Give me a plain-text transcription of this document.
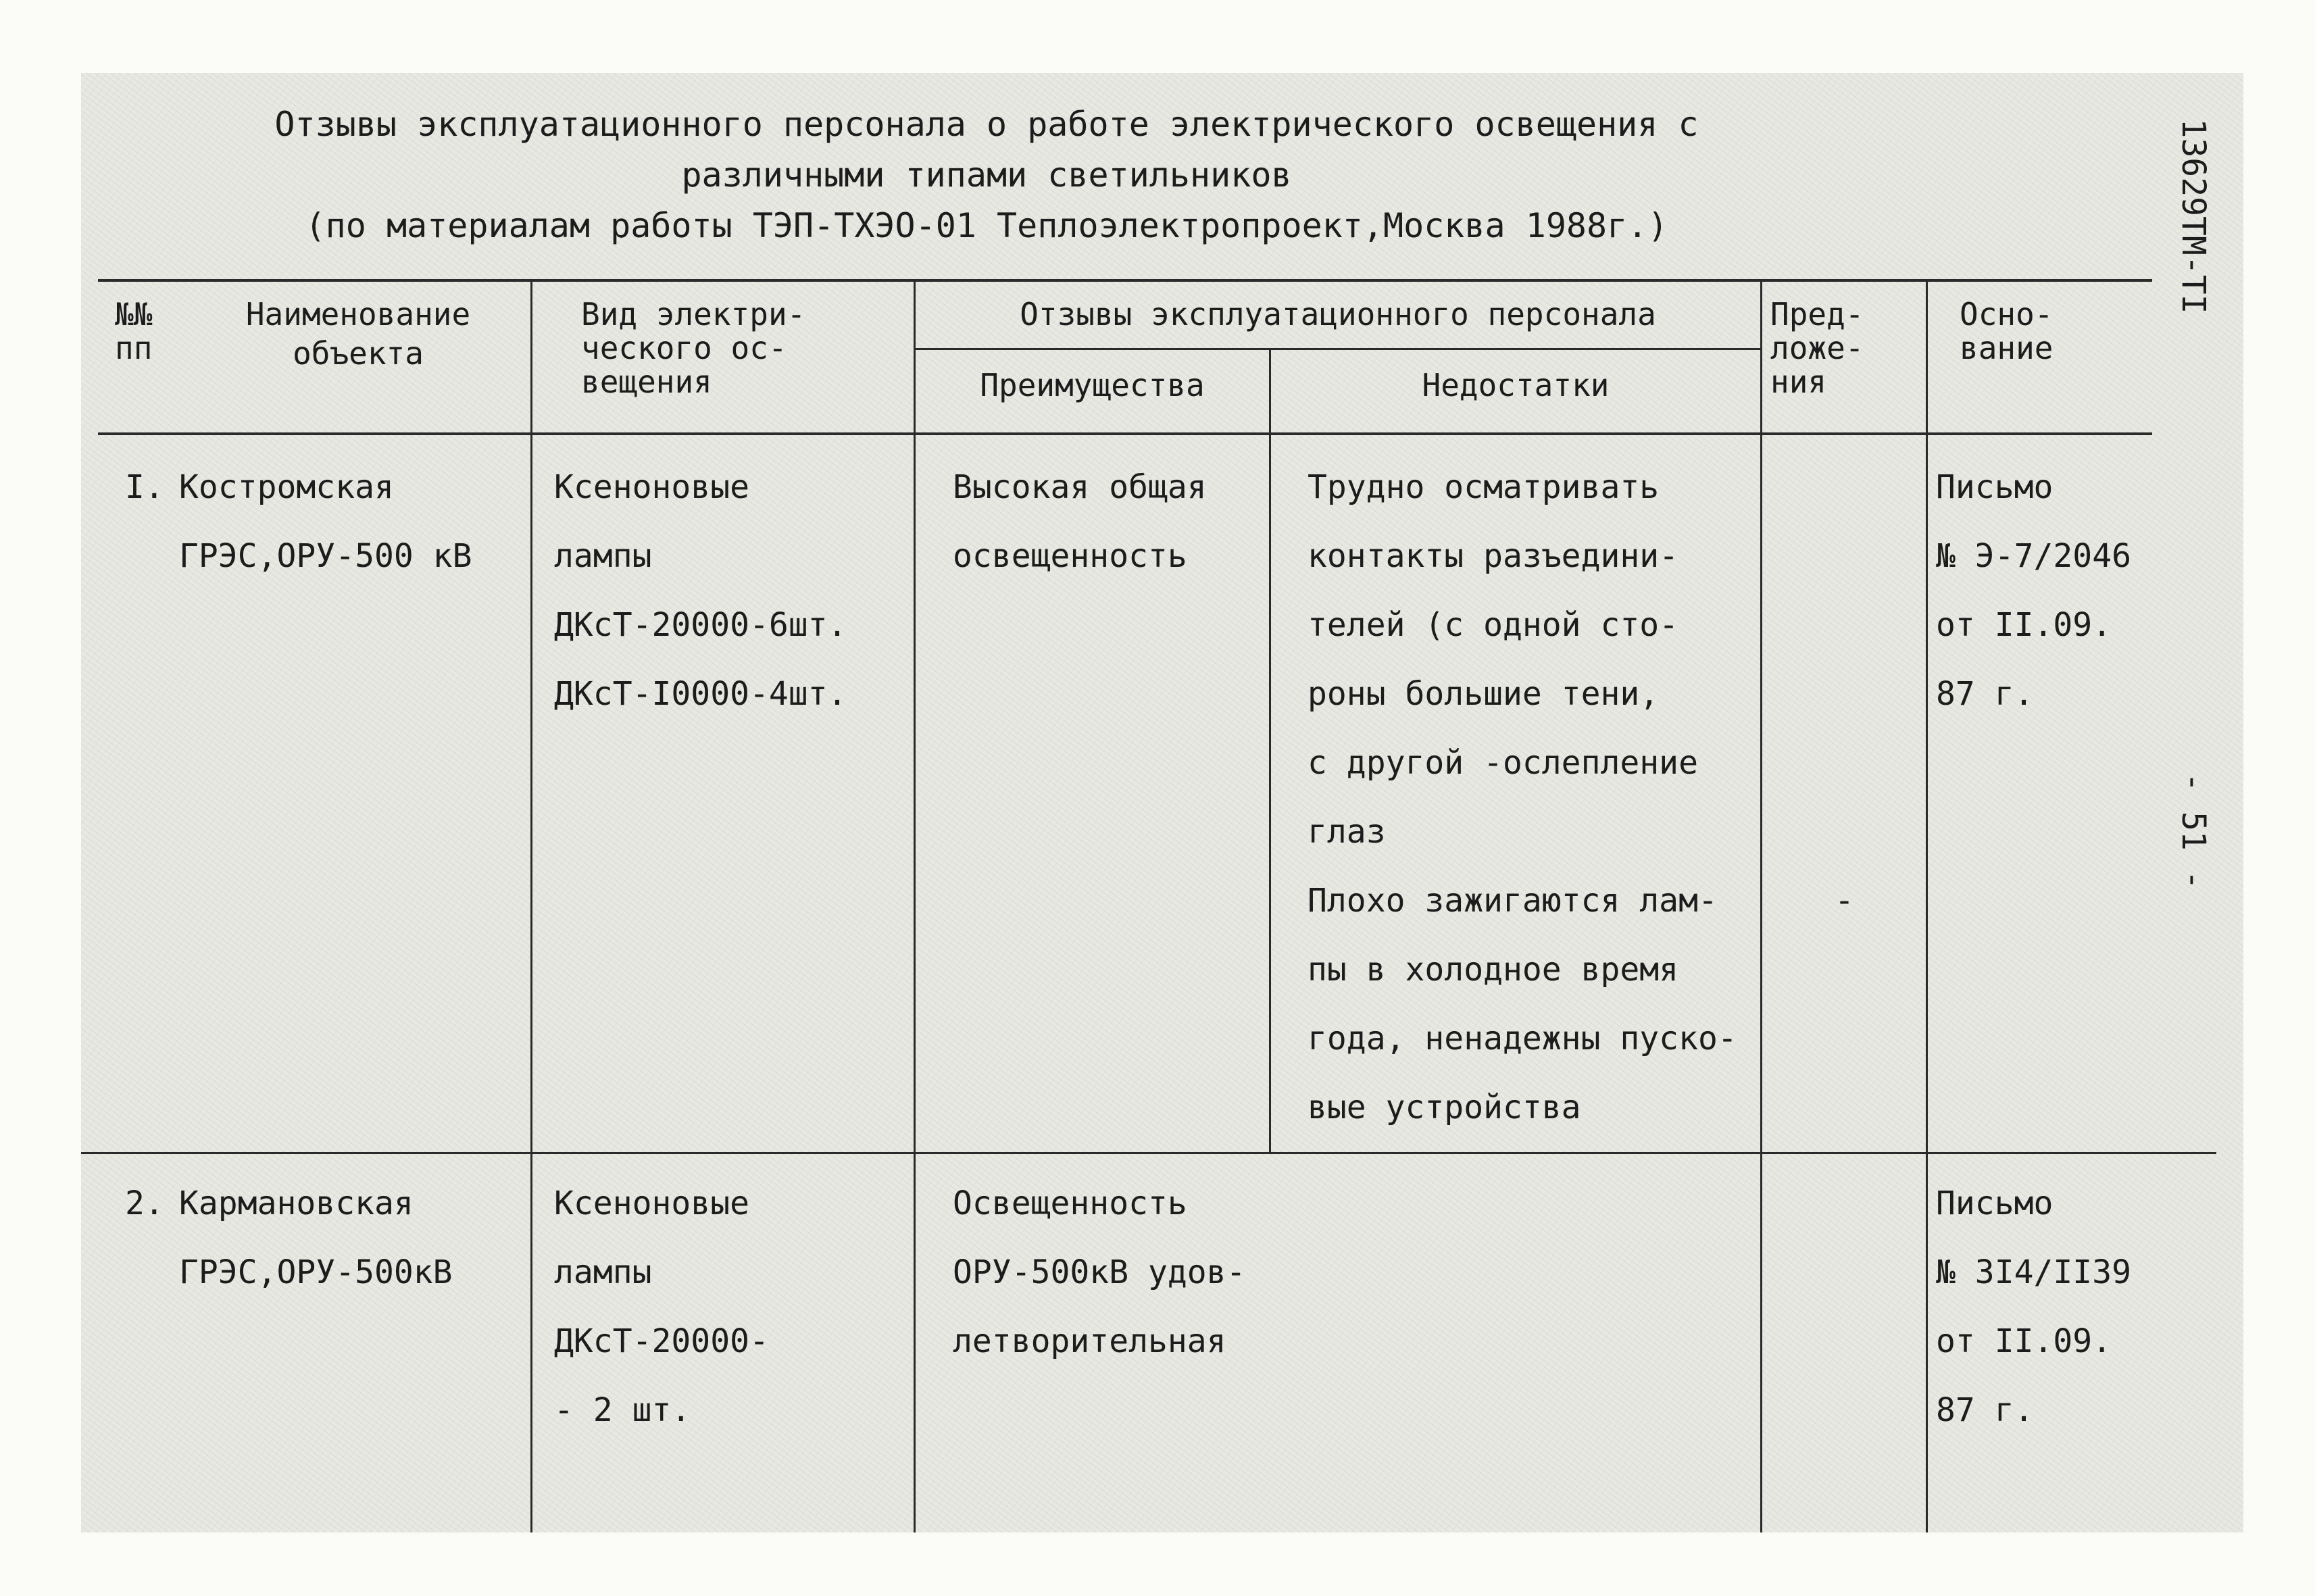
Отзывы эксплуатационного персонала о работе электрического освещения с
различными типами светильников
(по материалам работы ТЭП-ТХЭО-01 Теплоэлектропроект,Москва 1988г.)	13629ТМ-ТI
- 51 -
№№
пп
Наименование
объекта
Вид электри-
ческого ос-
вещения
Отзывы эксплуатационного персонала
Преимущества	Недостатки
Пред-
ложе-
ния
Осно-
вание
I. Костромская
ГРЭС,ОРУ-500 кВ
Ксеноновые
лампы
ДКсТ-20000-6шт.
ДКсТ-I0000-4шт.
Высокая общая
освещенность
Трудно осматривать
контакты разъедини-
телей (с одной сто-
роны большие тени,
с другой -ослепление
глаз
Плохо зажигаются лам-
пы в холодное время
года, ненадежны пуско-
вые устройства
-
Письмо
№ Э-7/2046
от II.09.
87 г.
2. Кармановская
ГРЭС,ОРУ-500кВ
Ксеноновые
лампы
ДКсТ-20000-
- 2 шт.
Освещенность
ОРУ-500кВ удов-
летворительная
Письмо
№ 3I4/II39
от II.09.
87 г.
